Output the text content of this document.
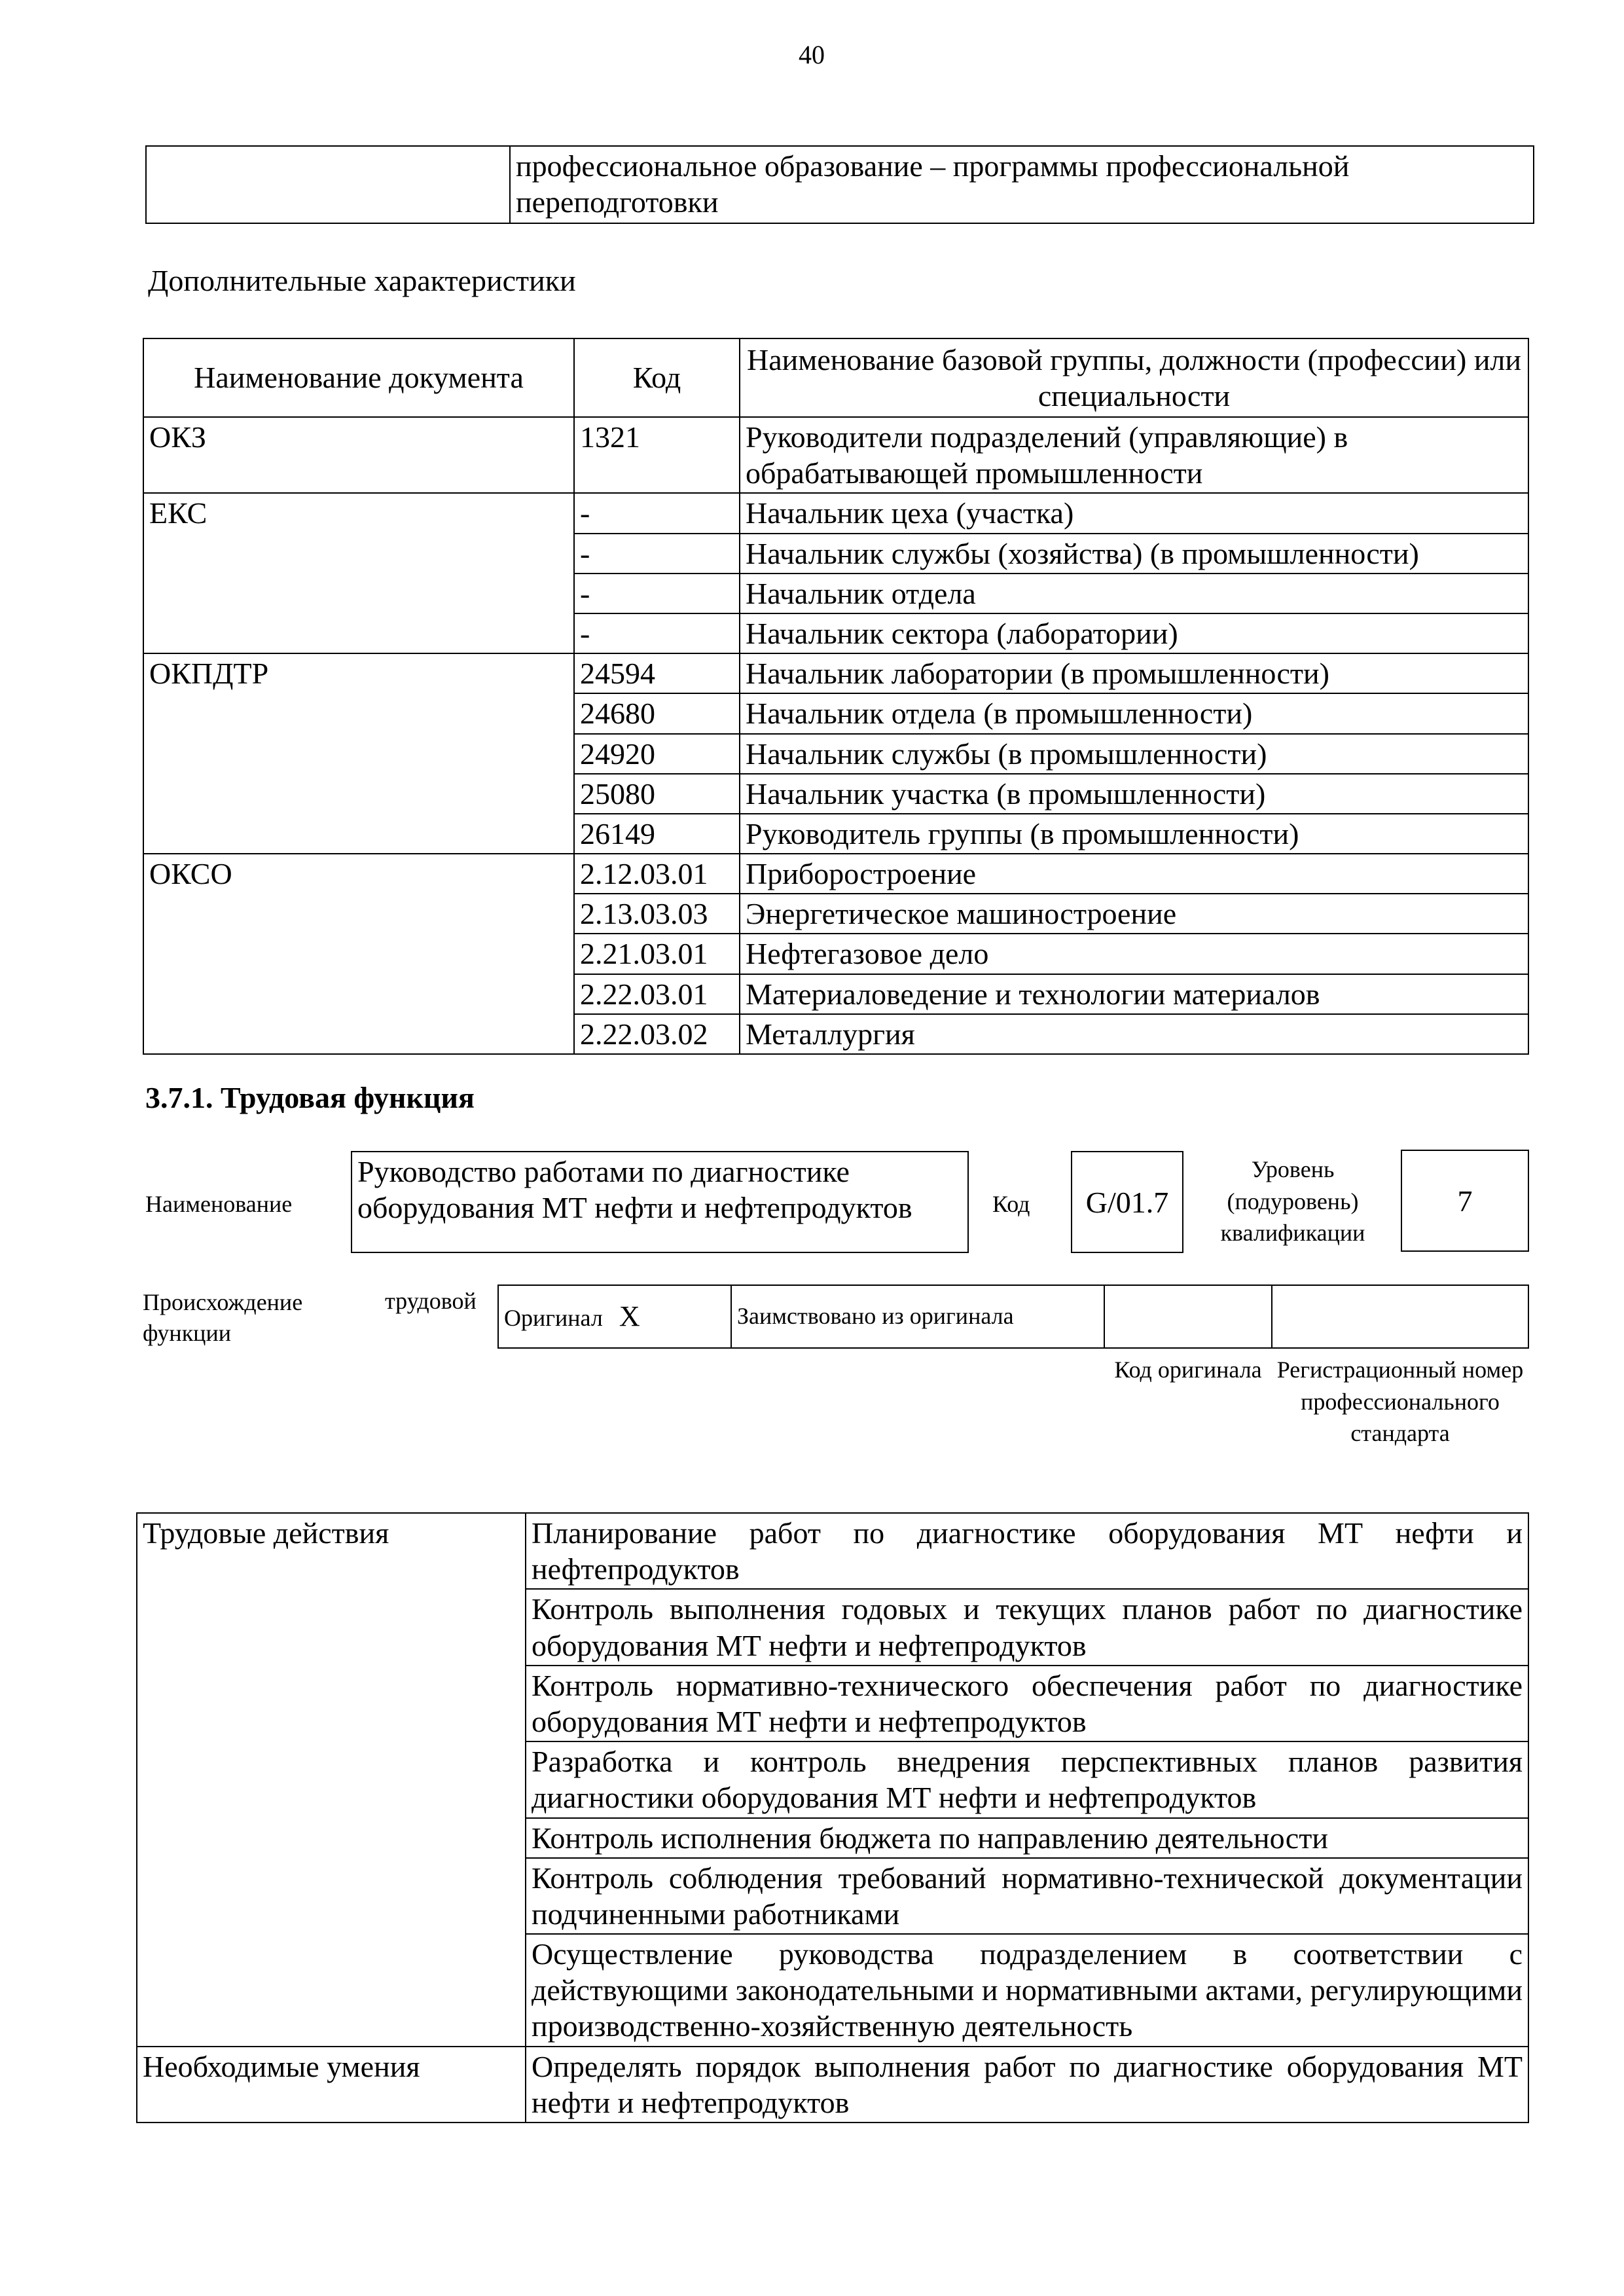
40
	профессиональное образование – программы профессиональной переподготовки
Дополнительные характеристики
Наименование документа	Код	Наименование базовой группы, должности (профессии) или специальности
ОКЗ	1321	Руководители подразделений (управляющие) в обрабатывающей промышленности
ЕКС	-	Начальник цеха (участка)
	-	Начальник службы (хозяйства) (в промышленности)
	-	Начальник отдела
	-	Начальник сектора (лаборатории)
ОКПДТР	24594	Начальник лаборатории (в промышленности)
	24680	Начальник отдела (в промышленности)
	24920	Начальник службы (в промышленности)
	25080	Начальник участка (в промышленности)
	26149	Руководитель группы (в промышленности)
ОКСО	2.12.03.01	Приборостроение
	2.13.03.03	Энергетическое машиностроение
	2.21.03.01	Нефтегазовое дело
	2.22.03.01	Материаловедение и технологии материалов
	2.22.03.02	Металлургия
3.7.1. Трудовая функция
Наименование
Руководство работами по диагностике оборудования МТ нефти и нефтепродуктов	Код G/01.7
Уровень (подуровень) квалификации
7
Происхождение
функции
трудовой
Оригинал X	Заимствовано из оригинала		
Код оригинала Регистрационный номер профессионального стандарта
Трудовые действия	Планирование работ по диагностике оборудования МТ нефти и нефтепродуктов
	Контроль выполнения годовых и текущих планов работ по диагностике оборудования МТ нефти и нефтепродуктов
	Контроль нормативно-технического обеспечения работ по диагностике оборудования МТ нефти и нефтепродуктов
	Разработка и контроль внедрения перспективных планов развития диагностики оборудования МТ нефти и нефтепродуктов
	Контроль исполнения бюджета по направлению деятельности
	Контроль соблюдения требований нормативно-технической документации подчиненными работниками
	Осуществление руководства подразделением в соответствии с действующими законодательными и нормативными актами, регулирующими производственно-хозяйственную деятельность
Необходимые умения	Определять порядок выполнения работ по диагностике оборудования МТ нефти и нефтепродуктов
